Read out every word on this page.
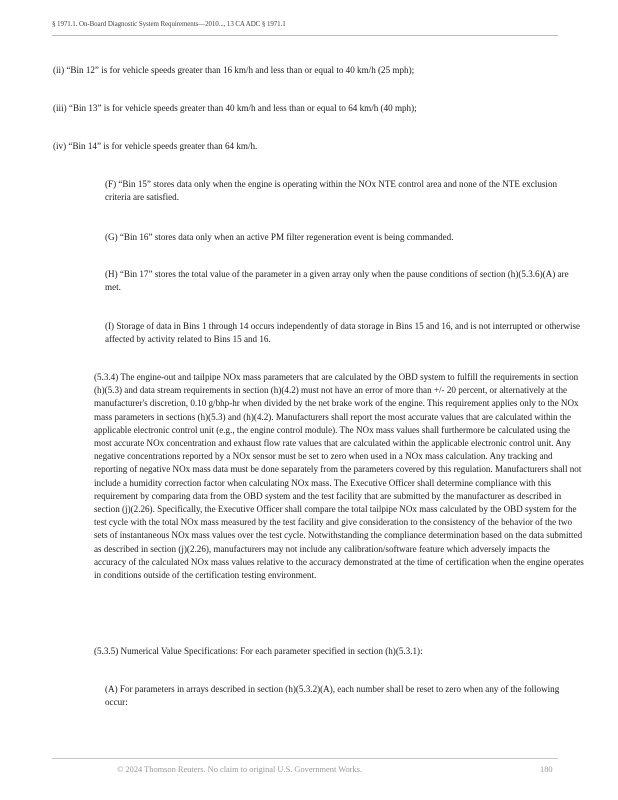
§ 1971.1. On-Board Diagnostic System Requirements—2010..., 13 CA ADC § 1971.1

(ii) “Bin 12” is for vehicle speeds greater than 16 km/h and less than or equal to 40 km/h (25 mph);

(iii) “Bin 13” is for vehicle speeds greater than 40 km/h and less than or equal to 64 km/h (40 mph);

(iv) “Bin 14” is for vehicle speeds greater than 64 km/h.

(F) “Bin 15” stores data only when the engine is operating within the NOx NTE control area and none of the NTE exclusion criteria are satisfied.

(G) “Bin 16” stores data only when an active PM filter regeneration event is being commanded.

(H) “Bin 17” stores the total value of the parameter in a given array only when the pause conditions of section (h)(5.3.6)(A) are met.

(I) Storage of data in Bins 1 through 14 occurs independently of data storage in Bins 15 and 16, and is not interrupted or otherwise affected by activity related to Bins 15 and 16.

(5.3.4) The engine-out and tailpipe NOx mass parameters that are calculated by the OBD system to fulfill the requirements in section (h)(5.3) and data stream requirements in section (h)(4.2) must not have an error of more than +/- 20 percent, or alternatively at the manufacturer's discretion, 0.10 g/bhp-hr when divided by the net brake work of the engine. This requirement applies only to the NOx mass parameters in sections (h)(5.3) and (h)(4.2). Manufacturers shall report the most accurate values that are calculated within the applicable electronic control unit (e.g., the engine control module). The NOx mass values shall furthermore be calculated using the most accurate NOx concentration and exhaust flow rate values that are calculated within the applicable electronic control unit. Any negative concentrations reported by a NOx sensor must be set to zero when used in a NOx mass calculation. Any tracking and reporting of negative NOx mass data must be done separately from the parameters covered by this regulation. Manufacturers shall not include a humidity correction factor when calculating NOx mass. The Executive Officer shall determine compliance with this requirement by comparing data from the OBD system and the test facility that are submitted by the manufacturer as described in section (j)(2.26). Specifically, the Executive Officer shall compare the total tailpipe NOx mass calculated by the OBD system for the test cycle with the total NOx mass measured by the test facility and give consideration to the consistency of the behavior of the two sets of instantaneous NOx mass values over the test cycle. Notwithstanding the compliance determination based on the data submitted as described in section (j)(2.26), manufacturers may not include any calibration/software feature which adversely impacts the accuracy of the calculated NOx mass values relative to the accuracy demonstrated at the time of certification when the engine operates in conditions outside of the certification testing environment.

(5.3.5) Numerical Value Specifications: For each parameter specified in section (h)(5.3.1):

(A) For parameters in arrays described in section (h)(5.3.2)(A), each number shall be reset to zero when any of the following occur:

© 2024 Thomson Reuters. No claim to original U.S. Government Works.	180
